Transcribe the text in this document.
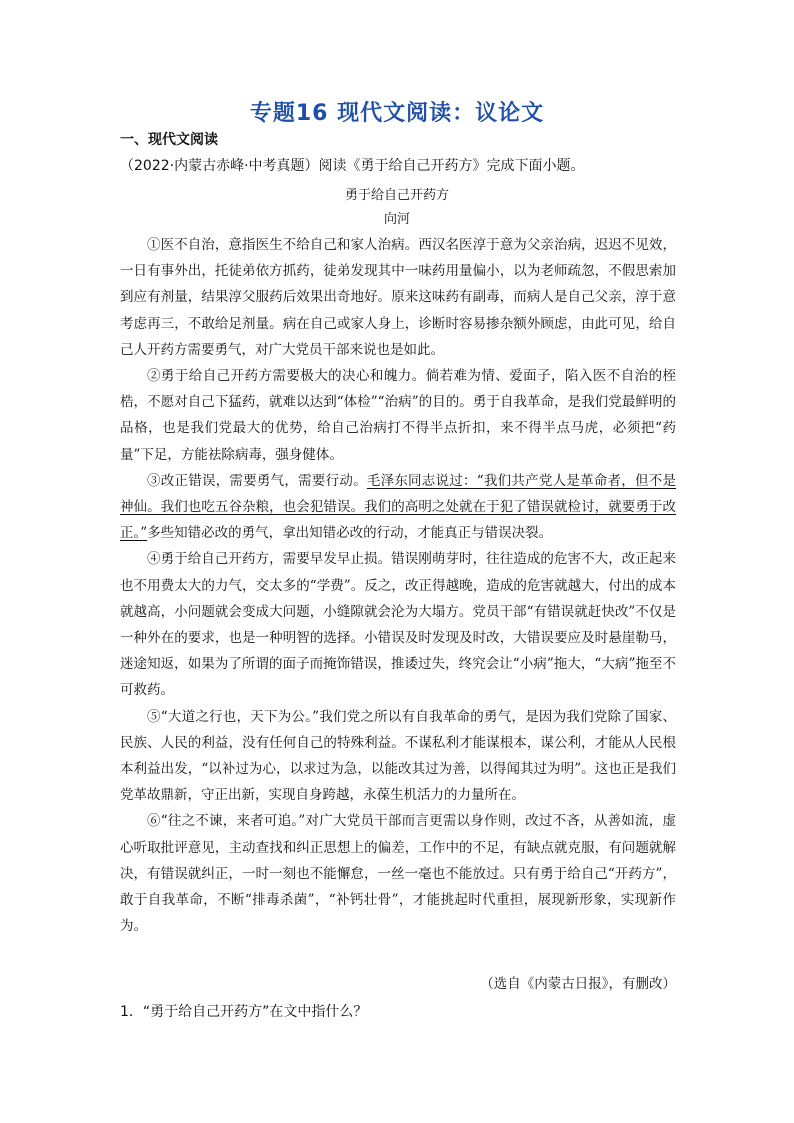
专题16 现代文阅读：议论文
一、现代文阅读
（2022·内蒙古赤峰·中考真题）阅读《勇于给自己开药方》完成下面小题。
勇于给自己开药方
向河

①医不自治，意指医生不给自己和家人治病。西汉名医淳于意为父亲治病，迟迟不见效，一日有事外出，托徒弟依方抓药，徒弟发现其中一味药用量偏小，以为老师疏忽，不假思索加到应有剂量，结果淳父服药后效果出奇地好。原来这味药有副毒，而病人是自己父亲，淳于意考虑再三，不敢给足剂量。病在自己或家人身上，诊断时容易掺杂额外顾虑，由此可见，给自己人开药方需要勇气，对广大党员干部来说也是如此。

②勇于给自己开药方需要极大的决心和魄力。倘若难为情、爱面子，陷入医不自治的桎梏，不愿对自己下猛药，就难以达到“体检”“治病”的目的。勇于自我革命，是我们党最鲜明的品格，也是我们党最大的优势，给自己治病打不得半点折扣，来不得半点马虎，必须把“药量”下足，方能祛除病毒，强身健体。

③改正错误，需要勇气，需要行动。毛泽东同志说过：“我们共产党人是革命者，但不是神仙。我们也吃五谷杂粮，也会犯错误。我们的高明之处就在于犯了错误就检讨，就要勇于改正。”多些知错必改的勇气，拿出知错必改的行动，才能真正与错误决裂。

④勇于给自己开药方，需要早发早止损。错误刚萌芽时，往往造成的危害不大，改正起来也不用费太大的力气，交太多的“学费”。反之，改正得越晚，造成的危害就越大，付出的成本就越高，小问题就会变成大问题，小缝隙就会沦为大塌方。党员干部“有错误就赶快改”不仅是一种外在的要求，也是一种明智的选择。小错误及时发现及时改，大错误要应及时悬崖勒马，迷途知返，如果为了所谓的面子而掩饰错误，推诿过失，终究会让“小病”拖大，“大病”拖至不可救药。

⑤“大道之行也，天下为公。”我们党之所以有自我革命的勇气，是因为我们党除了国家、民族、人民的利益，没有任何自己的特殊利益。不谋私利才能谋根本，谋公利，才能从人民根本利益出发，“以补过为心，以求过为急，以能改其过为善，以得闻其过为明”。这也正是我们党革故鼎新，守正出新，实现自身跨越，永葆生机活力的力量所在。

⑥“往之不谏，来者可追。”对广大党员干部而言更需以身作则，改过不吝，从善如流，虚心听取批评意见，主动查找和纠正思想上的偏差，工作中的不足，有缺点就克服，有问题就解决，有错误就纠正，一时一刻也不能懈怠，一丝一毫也不能放过。只有勇于给自己“开药方”，敢于自我革命，不断“排毒杀菌”，“补钙壮骨”，才能挑起时代重担，展现新形象，实现新作为。

（选自《内蒙古日报》，有删改）
1．“勇于给自己开药方”在文中指什么？
